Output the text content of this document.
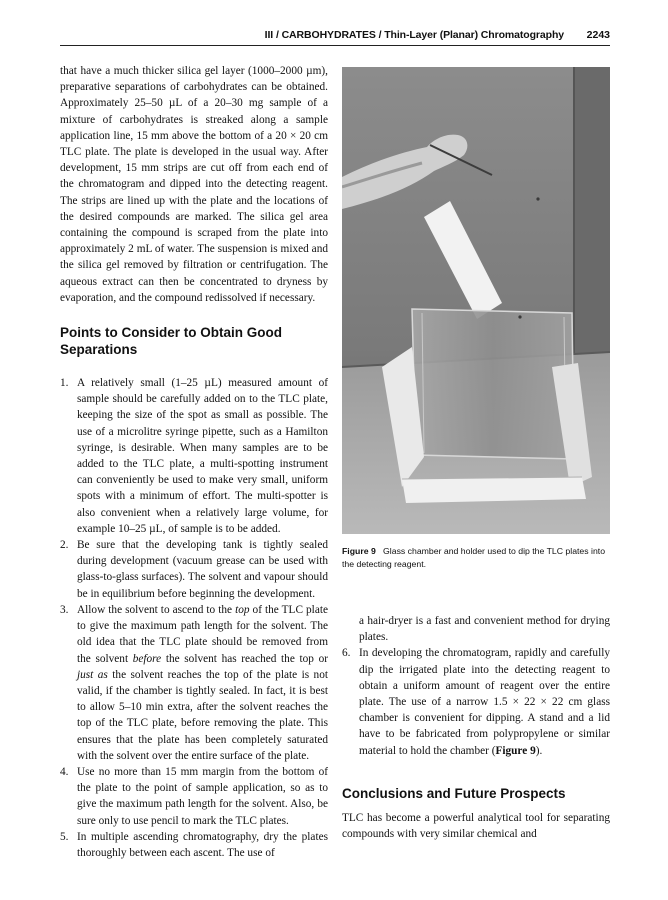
III / CARBOHYDRATES / Thin-Layer (Planar) Chromatography 2243

that have a much thicker silica gel layer (1000–2000 µm), preparative separations of carbohydrates can be obtained. Approximately 25–50 µL of a 20–30 mg sample of a mixture of carbohydrates is streaked along a sample application line, 15 mm above the bottom of a 20 × 20 cm TLC plate. The plate is developed in the usual way. After development, 15 mm strips are cut off from each end of the chromatogram and dipped into the detecting reagent. The strips are lined up with the plate and the locations of the desired compounds are marked. The silica gel area containing the compound is scraped from the plate into approximately 2 mL of water. The suspension is mixed and the silica gel removed by filtration or centrifugation. The aqueous extract can then be concentrated to dryness by evaporation, and the compound redissolved if necessary.

Points to Consider to Obtain Good Separations
1. A relatively small (1–25 µL) measured amount of sample should be carefully added on to the TLC plate, keeping the size of the spot as small as possible. The use of a microlitre syringe pipette, such as a Hamilton syringe, is desirable. When many samples are to be added to the TLC plate, a multi-spotting instrument can conveniently be used to make very small, uniform spots with a minimum of effort. The multi-spotter is also convenient when a relatively large volume, for example 10–25 µL, of sample is to be added.
2. Be sure that the developing tank is tightly sealed during development (vacuum grease can be used with glass-to-glass surfaces). The solvent and vapour should be in equilibrium before beginning the development.
3. Allow the solvent to ascend to the top of the TLC plate to give the maximum path length for the solvent. The old idea that the TLC plate should be removed from the solvent before the solvent has reached the top or just as the solvent reaches the top of the plate is not valid, if the chamber is tightly sealed. In fact, it is best to allow 5–10 min extra, after the solvent reaches the top of the TLC plate, before removing the plate. This ensures that the plate has been completely saturated with the solvent over the entire surface of the plate.
4. Use no more than 15 mm margin from the bottom of the plate to the point of sample application, so as to give the maximum path length for the solvent. Also, be sure only to use pencil to mark the TLC plates.
5. In multiple ascending chromatography, dry the plates thoroughly between each ascent. The use of
Figure 9 Glass chamber and holder used to dip the TLC plates into the detecting reagent.
a hair-dryer is a fast and convenient method for drying plates.
6. In developing the chromatogram, rapidly and carefully dip the irrigated plate into the detecting reagent to obtain a uniform amount of reagent over the entire plate. The use of a narrow 1.5 × 22 × 22 cm glass chamber is convenient for dipping. A stand and a lid have to be fabricated from polypropylene or similar material to hold the chamber (Figure 9).
Conclusions and Future Prospects
TLC has become a powerful analytical tool for separating compounds with very similar chemical and
